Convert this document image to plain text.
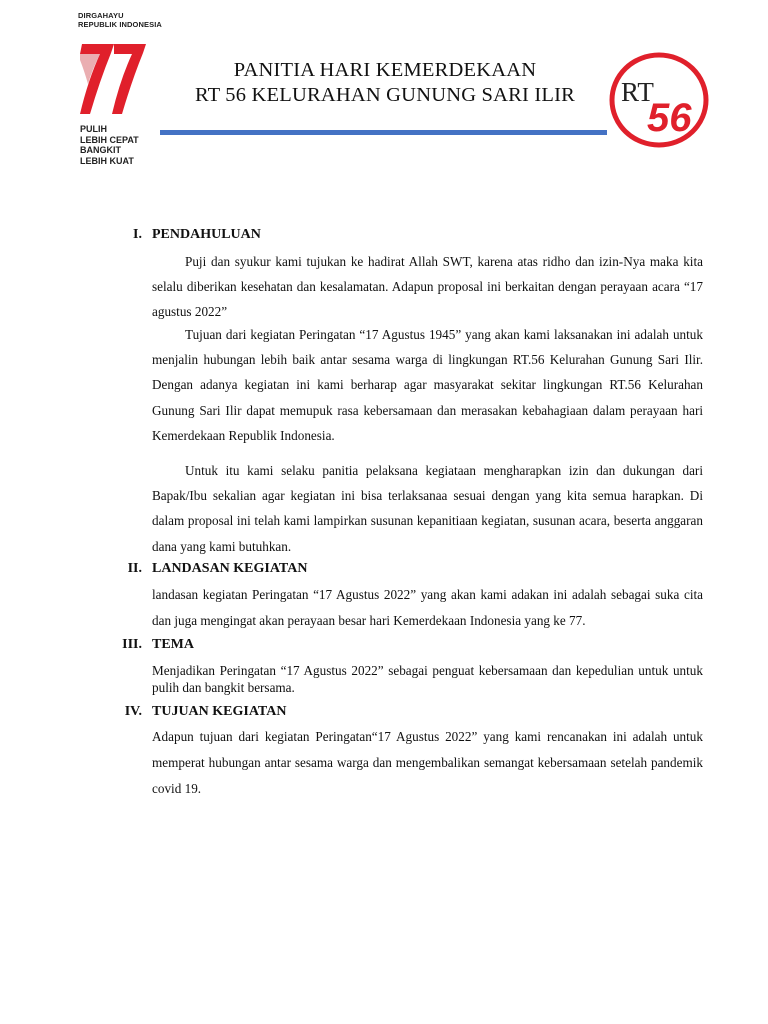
DIRGAHAYU
REPUBLIK INDONESIA
PULIH
LEBIH CEPAT
BANGKIT
LEBIH KUAT
PANITIA HARI KEMERDEKAAN
RT 56 KELURAHAN GUNUNG SARI ILIR	RT
56
I. PENDAHULUAN
Puji dan syukur kami tujukan ke hadirat Allah SWT, karena atas ridho dan izin-Nya maka kita selalu diberikan kesehatan dan kesalamatan. Adapun proposal ini berkaitan dengan perayaan acara “17 agustus 2022”
Tujuan dari kegiatan Peringatan “17 Agustus 1945” yang akan kami laksanakan ini adalah untuk menjalin hubungan lebih baik antar sesama warga di lingkungan RT.56 Kelurahan Gunung Sari Ilir. Dengan adanya kegiatan ini kami berharap agar masyarakat sekitar lingkungan RT.56 Kelurahan Gunung Sari Ilir dapat memupuk rasa kebersamaan dan merasakan kebahagiaan dalam perayaan hari Kemerdekaan Republik Indonesia.
Untuk itu kami selaku panitia pelaksana kegiataan mengharapkan izin dan dukungan dari Bapak/Ibu sekalian agar kegiatan ini bisa terlaksanaa sesuai dengan yang kita semua harapkan. Di dalam proposal ini telah kami lampirkan susunan kepanitiaan kegiatan, susunan acara, beserta anggaran dana yang kami butuhkan.
II. LANDASAN KEGIATAN
landasan kegiatan Peringatan “17 Agustus 2022” yang akan kami adakan ini adalah sebagai suka cita dan juga mengingat akan perayaan besar hari Kemerdekaan Indonesia yang ke 77.
III. TEMA
Menjadikan Peringatan “17 Agustus 2022” sebagai penguat kebersamaan dan kepedulian untuk untuk pulih dan bangkit bersama.
IV. TUJUAN KEGIATAN
Adapun tujuan dari kegiatan Peringatan“17 Agustus 2022” yang kami rencanakan ini adalah untuk memperat hubungan antar sesama warga dan mengembalikan semangat kebersamaan setelah pandemik covid 19.
